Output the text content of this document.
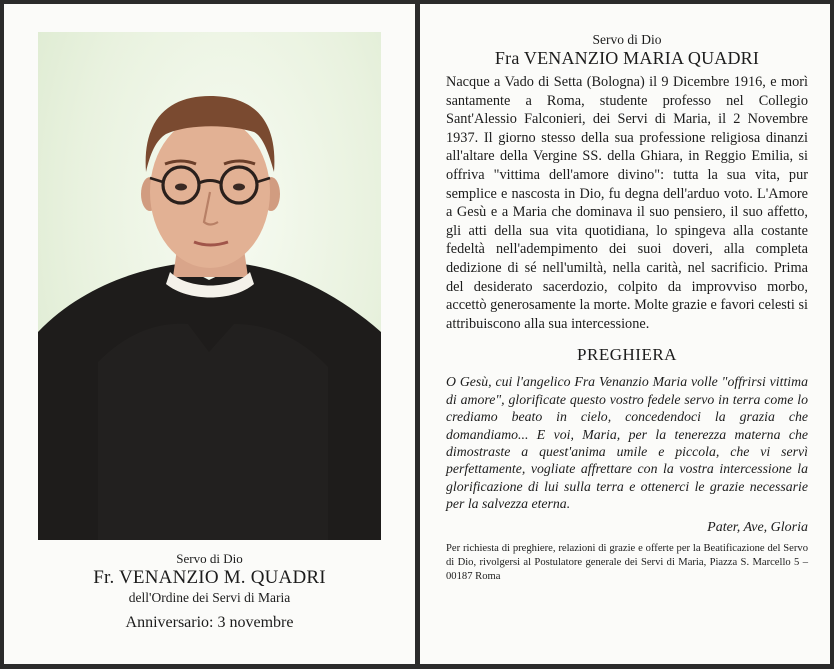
Servo di Dio
Fr. VENANZIO M. QUADRI
dell'Ordine dei Servi di Maria
Anniversario: 3 novembre
Servo di Dio
Fra VENANZIO MARIA QUADRI

Nacque a Vado di Setta (Bologna) il 9 Dicembre 1916, e morì santamente a Roma, studente professo nel Collegio Sant'Alessio Falconieri, dei Servi di Maria, il 2 Novembre 1937. Il giorno stesso della sua professione religiosa dinanzi all'altare della Vergine SS. della Ghiara, in Reggio Emilia, si offriva "vittima dell'amore divino": tutta la sua vita, pur semplice e nascosta in Dio, fu degna dell'arduo voto. L'Amore a Gesù e a Maria che dominava il suo pensiero, il suo affetto, gli atti della sua vita quotidiana, lo spingeva alla costante fedeltà nell'adempimento dei suoi doveri, alla completa dedizione di sé nell'umiltà, nella carità, nel sacrificio. Prima del desiderato sacerdozio, colpito da improvviso morbo, accettò generosamente la morte. Molte grazie e favori celesti si attribuiscono alla sua intercessione.

PREGHIERA

O Gesù, cui l'angelico Fra Venanzio Maria volle "offrirsi vittima di amore", glorificate questo vostro fedele servo in terra come lo crediamo beato in cielo, concedendoci la grazia che domandiamo... E voi, Maria, per la tenerezza materna che dimostraste a quest'anima umile e piccola, che vi servì perfettamente, vogliate affrettare con la vostra intercessione la glorificazione di lui sulla terra e ottenerci le grazie necessarie per la salvezza eterna.

Pater, Ave, Gloria

Per richiesta di preghiere, relazioni di grazie e offerte per la Beatificazione del Servo di Dio, rivolgersi al Postulatore generale dei Servi di Maria, Piazza S. Marcello 5 – 00187 Roma
